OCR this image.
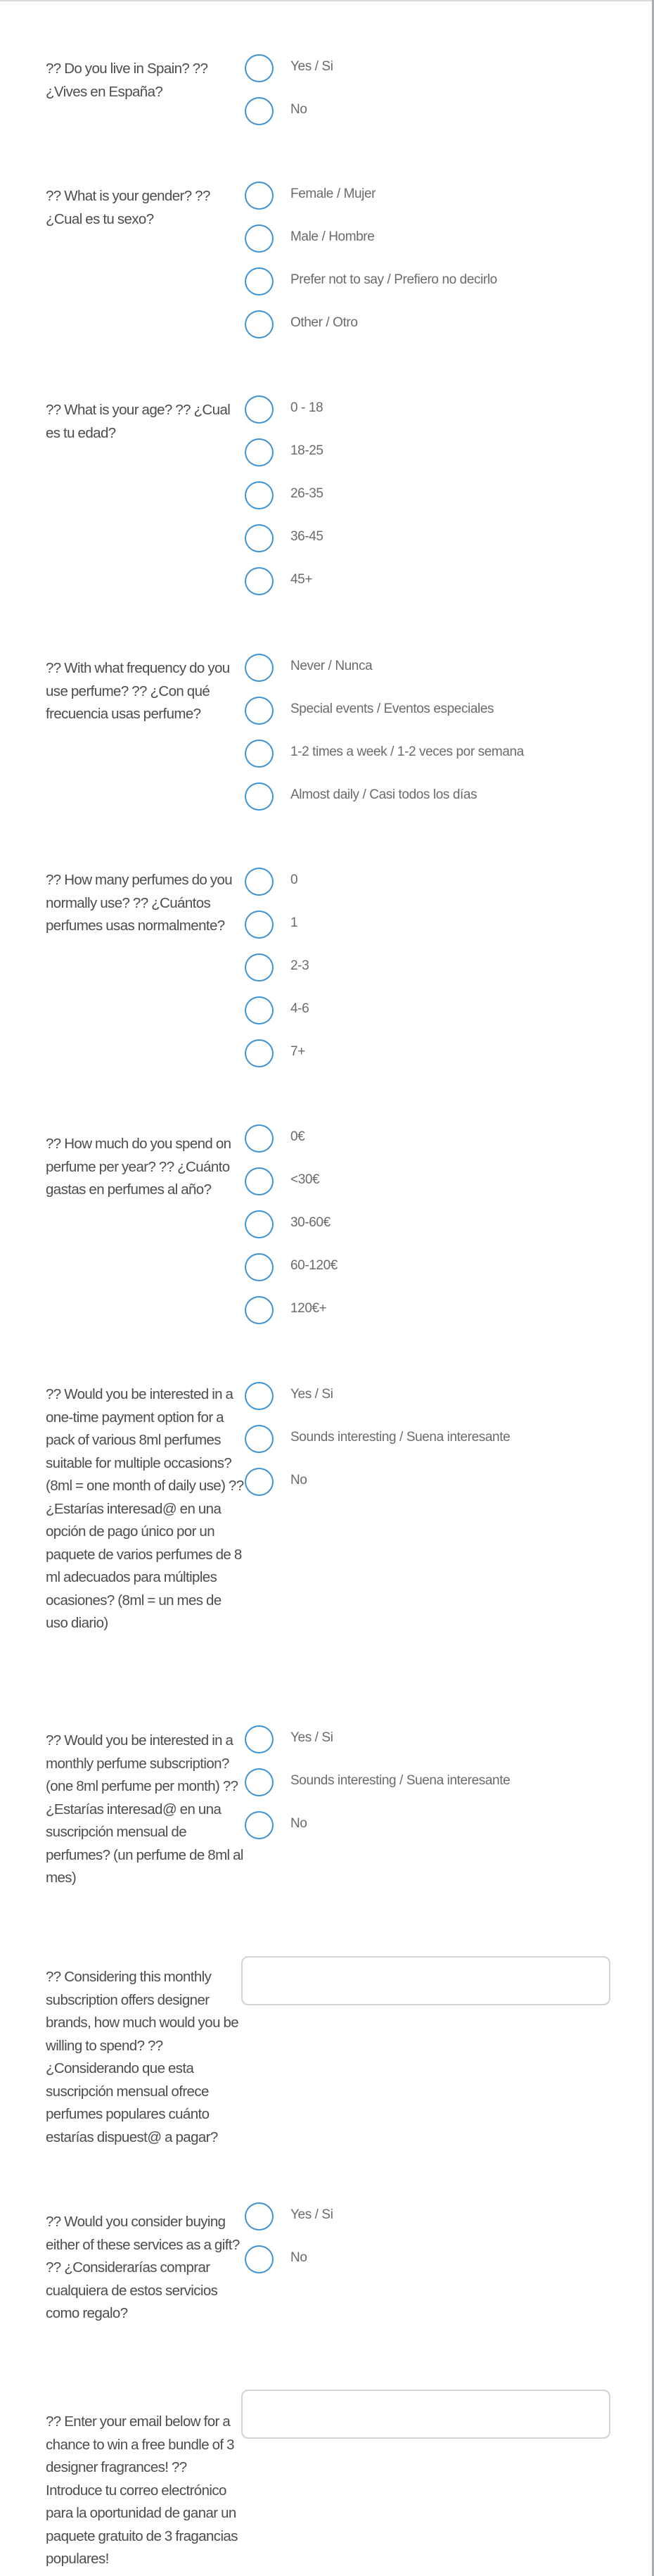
?? Do you live in Spain? ?? ¿Vives en España?
Yes / Si
No
?? What is your gender? ?? ¿Cual es tu sexo?
Female / Mujer
Male / Hombre
Prefer not to say / Prefiero no decirlo
Other / Otro
?? What is your age? ?? ¿Cual es tu edad?
0 - 18
18-25
26-35
36-45
45+
?? With what frequency do you use perfume? ?? ¿Con qué frecuencia usas perfume?
Never / Nunca
Special events / Eventos especiales
1-2 times a week / 1-2 veces por semana
Almost daily / Casi todos los días
?? How many perfumes do you normally use? ?? ¿Cuántos perfumes usas normalmente?
0
1
2-3
4-6
7+
?? How much do you spend on perfume per year? ?? ¿Cuánto gastas en perfumes al año?
0€
<30€
30-60€
60-120€
120€+
?? Would you be interested in a one-time payment option for a pack of various 8ml perfumes suitable for multiple occasions? (8ml = one month of daily use) ?? ¿Estarías interesad@ en una opción de pago único por un paquete de varios perfumes de 8 ml adecuados para múltiples ocasiones? (8ml = un mes de uso diario)
Yes / Si
Sounds interesting / Suena interesante
No
?? Would you be interested in a monthly perfume subscription? (one 8ml perfume per month) ?? ¿Estarías interesad@ en una suscripción mensual de perfumes? (un perfume de 8ml al mes)
Yes / Si
Sounds interesting / Suena interesante
No
?? Considering this monthly subscription offers designer brands, how much would you be willing to spend? ?? ¿Considerando que esta suscripción mensual ofrece perfumes populares cuánto estarías dispuest@ a pagar?
?? Would you consider buying either of these services as a gift? ?? ¿Considerarías comprar cualquiera de estos servicios como regalo?
Yes / Si
No
?? Enter your email below for a chance to win a free bundle of 3 designer fragrances! ?? Introduce tu correo electrónico para la oportunidad de ganar un paquete gratuito de 3 fragancias populares!
